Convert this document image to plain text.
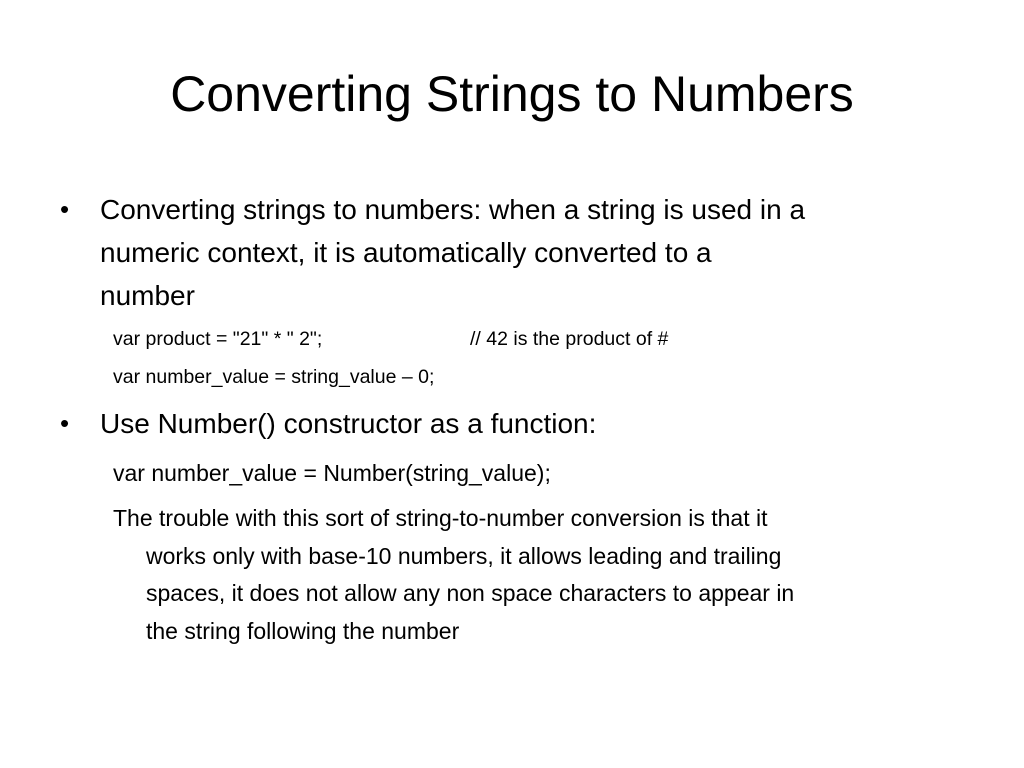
Converting Strings to Numbers
• Converting strings to numbers: when a string is used in a
numeric context, it is automatically converted to a
number
var product = "21" * " 2";	// 42 is the product of #
var number_value = string_value – 0;
• Use Number() constructor as a function:
var number_value = Number(string_value);
The trouble with this sort of string-to-number conversion is that it
works only with base-10 numbers, it allows leading and trailing
spaces, it does not allow any non space characters to appear in
the string following the number
